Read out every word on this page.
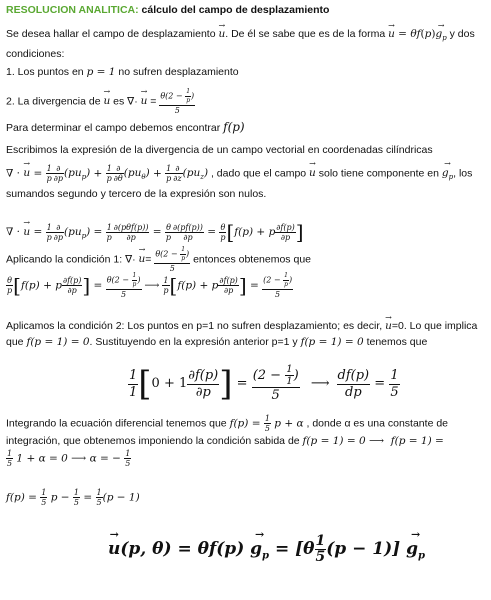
RESOLUCION ANALITICA: cálculo del campo de desplazamiento
Se desea hallar el campo de desplazamiento → u. De él se sabe que es de la forma → $u = \theta f(p)\to g_p$ y dos condiciones:
1. Los puntos en p = 1 no sufren desplazamiento
2. La divergencia de → u es ∇· → $u = \frac{\theta(2 - \frac{1}{p} )}{5}$
Para determinar el campo debemos encontrar f(p)
Escribimos la expresión de la divergencia de un campo vectorial en coordenadas cilíndricas
∇ · → $u = \frac{1}{p} \frac{\partial}{\partial p} (pu_p) + \frac{1}{p} \frac{\partial}{\partial\theta} (pu_\theta) + \frac{1}{p} \frac{\partial}{\partial z} (pu_z)$ , dado que el campo → u solo tiene componente en → $g_p$, los
sumandos segundo y tercero de la expresión son nulos.
∇ · → $u = \frac{1}{p} \frac{\partial}{\partial p} (pu_p) = \frac{1}{p} \frac{\text{∂(pθf(p))}}{\partial p} = \frac{\theta}{p} \frac{\partial(pf(p))}{\partial p} = \frac{\theta}{p} [f(p) + p \frac{\partial f(p)}{\partial p}$ ]
Aplicando la condición 1: ∇· → $u= \frac{\theta(2 - \frac{1}{p} )}{5}$ entonces obtenemos que
$\frac{\theta}{p} [f(p) + p \frac{\partial f(p)}{\partial p}$ ] = $\frac{\theta(2 - \frac{1}{p} )}{5}$ ⟶ $\frac{1}{p} [f(p) + p \frac{\partial f(p)}{\partial p}$ ] = $\frac{(2 - \frac{1}{p} )}{5}$
Aplicamos la condición 2: Los puntos en p=1 no sufren desplazamiento; es decir, → u=0. Lo que implica
que f(p = 1) = 0. Sustituyendo en la expresión anterior p=1 y f(p = 1) = 0 tenemos que
$\frac{1}{1} [0 + 1 \frac{\partial f(p)}{\partial p}$ ] = $\frac{(2 - \frac{1}{1} )}{5}$ ⟶ $\frac{df(p)}{dp} = \frac{1}{5}$
Integrando la ecuación diferencial tenemos que $f(p) = \frac{1}{5}$ p + α , donde α es una constante de
integración, que obtenemos imponiendo la condición sabida de f(p = 1) = 0 ⟶  f(p = 1) =

$\frac{1}{5} 1 + \alpha = 0$ ⟶ α = − $\frac{1}{5}$
$f(p) = \frac{1}{5}$ $p - \frac{1}{5} = \frac{1}{5} (p - 1)$
→ u(p, $\theta) = \theta f(p) \to g_p = [\theta \frac{1}{5} (p - 1)] \to g_p$
